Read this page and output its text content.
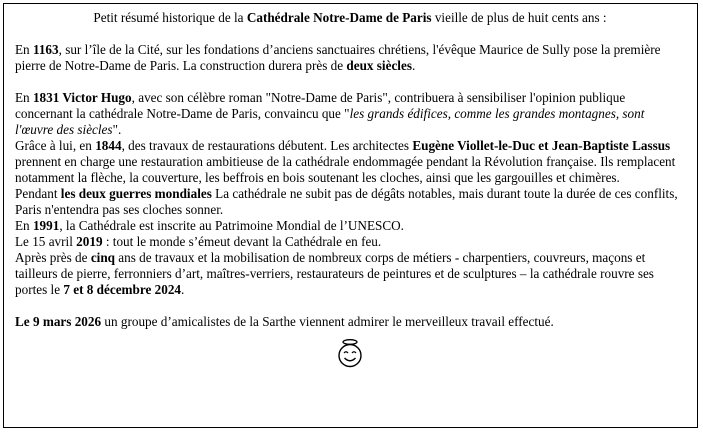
Petit résumé historique de la Cathédrale Notre-Dame de Paris vieille de plus de huit cents ans :

En 1163, sur l’île de la Cité, sur les fondations d’anciens sanctuaires chrétiens, l'évêque Maurice de Sully pose la première pierre de Notre-Dame de Paris. La construction durera près de deux siècles.

En 1831 Victor Hugo, avec son célèbre roman "Notre-Dame de Paris", contribuera à sensibiliser l'opinion publique concernant la cathédrale Notre-Dame de Paris, convaincu que "les grands édifices, comme les grandes montagnes, sont l'œuvre des siècles".

Grâce à lui, en 1844, des travaux de restaurations débutent. Les architectes Eugène Viollet-le-Duc et Jean-Baptiste Lassus prennent en charge une restauration ambitieuse de la cathédrale endommagée pendant la Révolution française. Ils remplacent notamment la flèche, la couverture, les beffrois en bois soutenant les cloches, ainsi que les gargouilles et chimères.

Pendant les deux guerres mondiales La cathédrale ne subit pas de dégâts notables, mais durant toute la durée de ces conflits, Paris n'entendra pas ses cloches sonner.

En 1991, la Cathédrale est inscrite au Patrimoine Mondial de l’UNESCO.

Le 15 avril 2019 : tout le monde s’émeut devant la Cathédrale en feu.

Après près de cinq ans de travaux et la mobilisation de nombreux corps de métiers - charpentiers, couvreurs, maçons et tailleurs de pierre, ferronniers d’art, maîtres-verriers, restaurateurs de peintures et de sculptures – la cathédrale rouvre ses portes le 7 et 8 décembre 2024.

Le 9 mars 2026 un groupe d’amicalistes de la Sarthe viennent admirer le merveilleux travail effectué.
